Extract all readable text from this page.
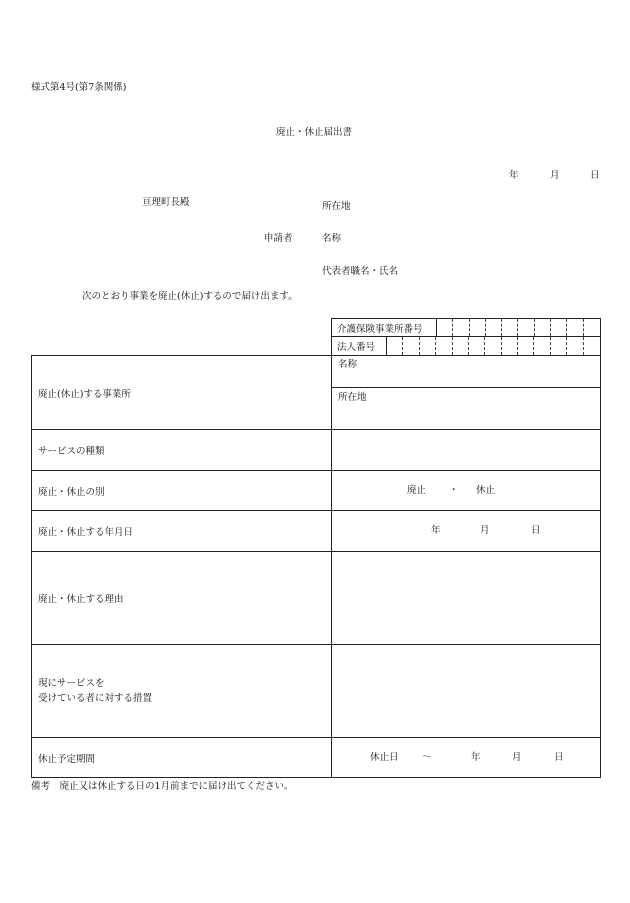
様式第4号(第7条関係)
廃止・休止届出書
年	月	日
亘理町長殿	所在地
申請者	名称
代表者職名・氏名
次のとおり事業を廃止(休止)するので届け出ます。
介護保険事業所番号
法人番号
廃止(休止)する事業所
名称
所在地
サービスの種類
廃止・休止の別	廃止 ・ 休止
廃止・休止する年月日	年	月	日
廃止・休止する理由
現にサービスを
受けている者に対する措置
休止予定期間	休止日 ～	年	月	日
備考　廃止又は休止する日の1月前までに届け出てください。
